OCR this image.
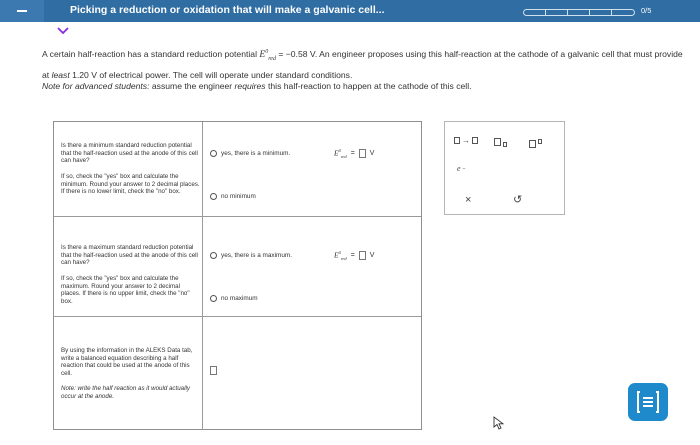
Picking a reduction or oxidation that will make a galvanic cell...	0/5
A certain half-reaction has a standard reduction potential $E^0_{red} = -0.58$ V. An engineer proposes using this half-reaction at the cathode of a galvanic cell that must provide at least 1.20 V of electrical power. The cell will operate under standard conditions.
Note for advanced students: assume the engineer requires this half-reaction to happen at the cathode of this cell.
Is there a minimum standard reduction potential that the half-reaction used at the anode of this cell can have?
If so, check the "yes" box and calculate the minimum. Round your answer to 2 decimal places. If there is no lower limit, check the "no" box.
yes, there is a minimum.	$E^0_{red} = V$
no minimum
Is there a maximum standard reduction potential that the half-reaction used at the anode of this cell can have?
If so, check the "yes" box and calculate the maximum. Round your answer to 2 decimal places. If there is no upper limit, check the "no" box.
yes, there is a maximum.	$E^0_{red} = V$
no maximum
By using the information in the ALEKS Data tab, write a balanced equation describing a half reaction that could be used at the anode of this cell.
Note: write the half reaction as it would actually occur at the anode.
→
e −
×	↺
